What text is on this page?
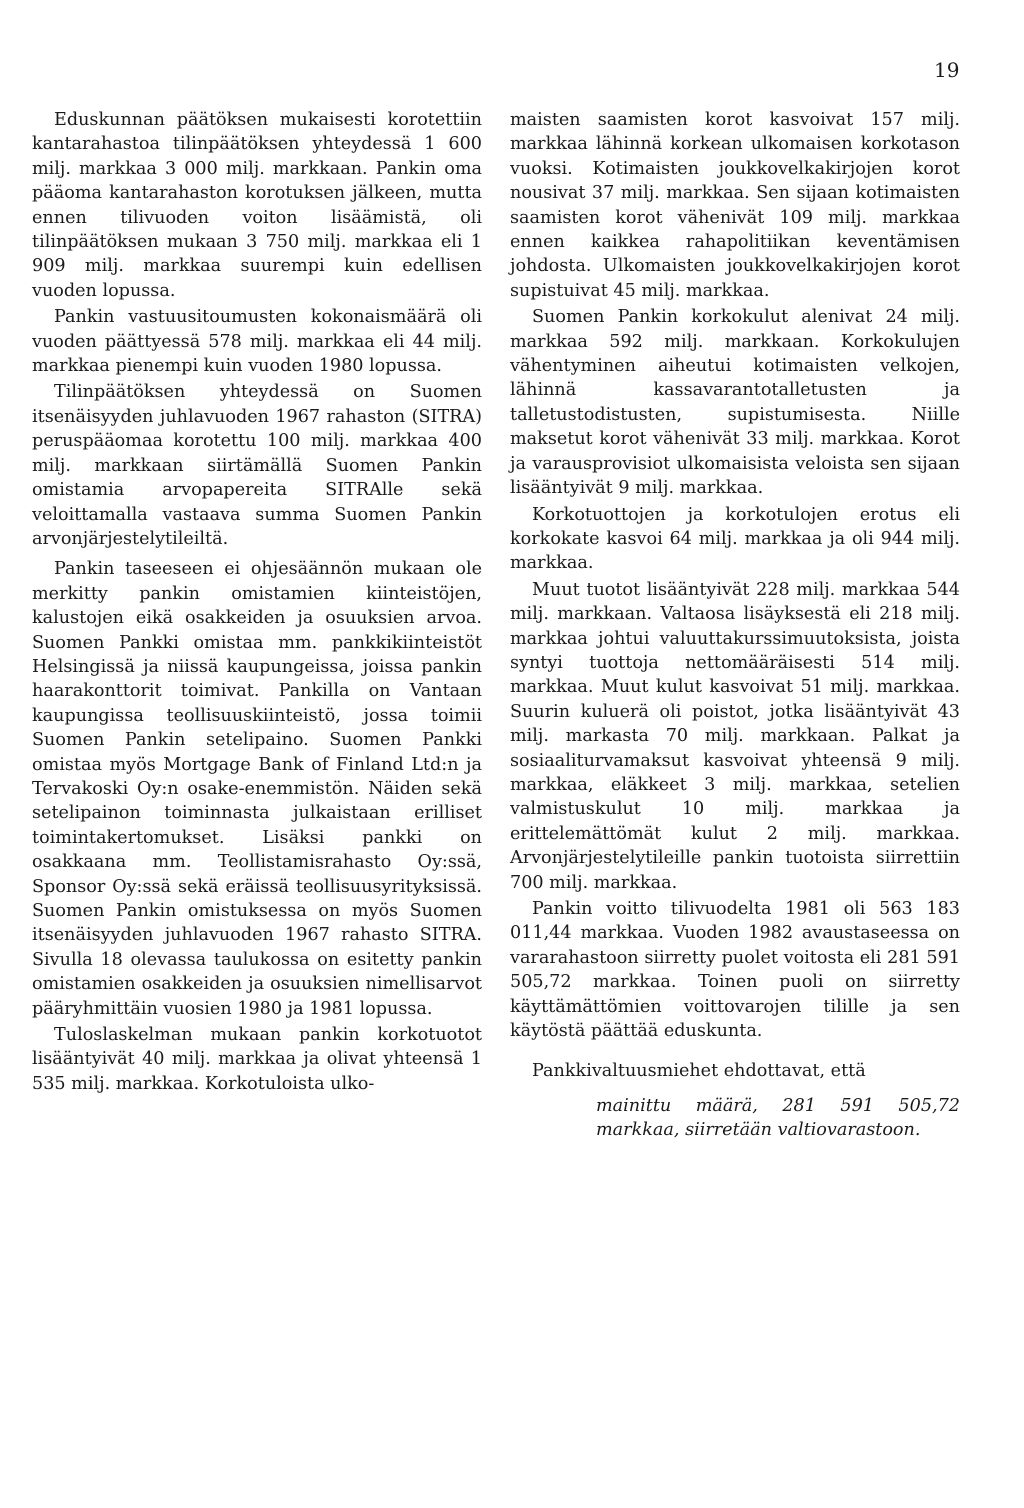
19

Eduskunnan päätöksen mukaisesti korotettiin kantarahastoa tilinpäätöksen yhteydessä 1 600 milj. markkaa 3 000 milj. markkaan. Pankin oma pääoma kantarahaston korotuksen jälkeen, mutta ennen tilivuoden voiton lisäämistä, oli tilinpäätöksen mukaan 3 750 milj. markkaa eli 1 909 milj. markkaa suurempi kuin edellisen vuoden lopussa.

Pankin vastuusitoumusten kokonaismäärä oli vuoden päättyessä 578 milj. markkaa eli 44 milj. markkaa pienempi kuin vuoden 1980 lopussa.

Tilinpäätöksen yhteydessä on Suomen itsenäisyyden juhlavuoden 1967 rahaston (SITRA) peruspääomaa korotettu 100 milj. markkaa 400 milj. markkaan siirtämällä Suomen Pankin omistamia arvopapereita SITRAlle sekä veloittamalla vastaava summa Suomen Pankin arvonjärjestelytileiltä.

Pankin taseeseen ei ohjesäännön mukaan ole merkitty pankin omistamien kiinteistöjen, kalustojen eikä osakkeiden ja osuuksien arvoa. Suomen Pankki omistaa mm. pankkikiinteistöt Helsingissä ja niissä kaupungeissa, joissa pankin haarakonttorit toimivat. Pankilla on Vantaan kaupungissa teollisuuskiinteistö, jossa toimii Suomen Pankin setelipaino. Suomen Pankki omistaa myös Mortgage Bank of Finland Ltd:n ja Tervakoski Oy:n osake-enemmistön. Näiden sekä setelipainon toiminnasta julkaistaan erilliset toimintakertomukset. Lisäksi pankki on osakkaana mm. Teollistamisrahasto Oy:ssä, Sponsor Oy:ssä sekä eräissä teollisuusyrityksissä. Suomen Pankin omistuksessa on myös Suomen itsenäisyyden juhlavuoden 1967 rahasto SITRA. Sivulla 18 olevassa taulukossa on esitetty pankin omistamien osakkeiden ja osuuksien nimellisarvot pääryhmittäin vuosien 1980 ja 1981 lopussa.

Tuloslaskelman mukaan pankin korkotuotot lisääntyivät 40 milj. markkaa ja olivat yhteensä 1 535 milj. markkaa. Korkotuloista ulko-

maisten saamisten korot kasvoivat 157 milj. markkaa lähinnä korkean ulkomaisen korkotason vuoksi. Kotimaisten joukkovelkakirjojen korot nousivat 37 milj. markkaa. Sen sijaan kotimaisten saamisten korot vähenivät 109 milj. markkaa ennen kaikkea rahapolitiikan keventämisen johdosta. Ulkomaisten joukkovelkakirjojen korot supistuivat 45 milj. markkaa.

Suomen Pankin korkokulut alenivat 24 milj. markkaa 592 milj. markkaan. Korkokulujen vähentyminen aiheutui kotimaisten velkojen, lähinnä kassavarantotalletusten ja talletustodistusten, supistumisesta. Niille maksetut korot vähenivät 33 milj. markkaa. Korot ja varausprovisiot ulkomaisista veloista sen sijaan lisääntyivät 9 milj. markkaa.

Korkotuottojen ja korkotulojen erotus eli korkokate kasvoi 64 milj. markkaa ja oli 944 milj. markkaa.

Muut tuotot lisääntyivät 228 milj. markkaa 544 milj. markkaan. Valtaosa lisäyksestä eli 218 milj. markkaa johtui valuuttakurssimuutoksista, joista syntyi tuottoja nettomääräisesti 514 milj. markkaa. Muut kulut kasvoivat 51 milj. markkaa. Suurin kuluerä oli poistot, jotka lisääntyivät 43 milj. markasta 70 milj. markkaan. Palkat ja sosiaaliturvamaksut kasvoivat yhteensä 9 milj. markkaa, eläkkeet 3 milj. markkaa, setelien valmistuskulut 10 milj. markkaa ja erittelemättömät kulut 2 milj. markkaa. Arvonjärjestelytileille pankin tuotoista siirrettiin 700 milj. markkaa.

Pankin voitto tilivuodelta 1981 oli 563 183 011,44 markkaa. Vuoden 1982 avaustaseessa on vararahastoon siirretty puolet voitosta eli 281 591 505,72 markkaa. Toinen puoli on siirretty käyttämättömien voittovarojen tilille ja sen käytöstä päättää eduskunta.

Pankkivaltuusmiehet ehdottavat, että

mainittu määrä, 281 591 505,72 markkaa, siirretään valtiovarastoon.
